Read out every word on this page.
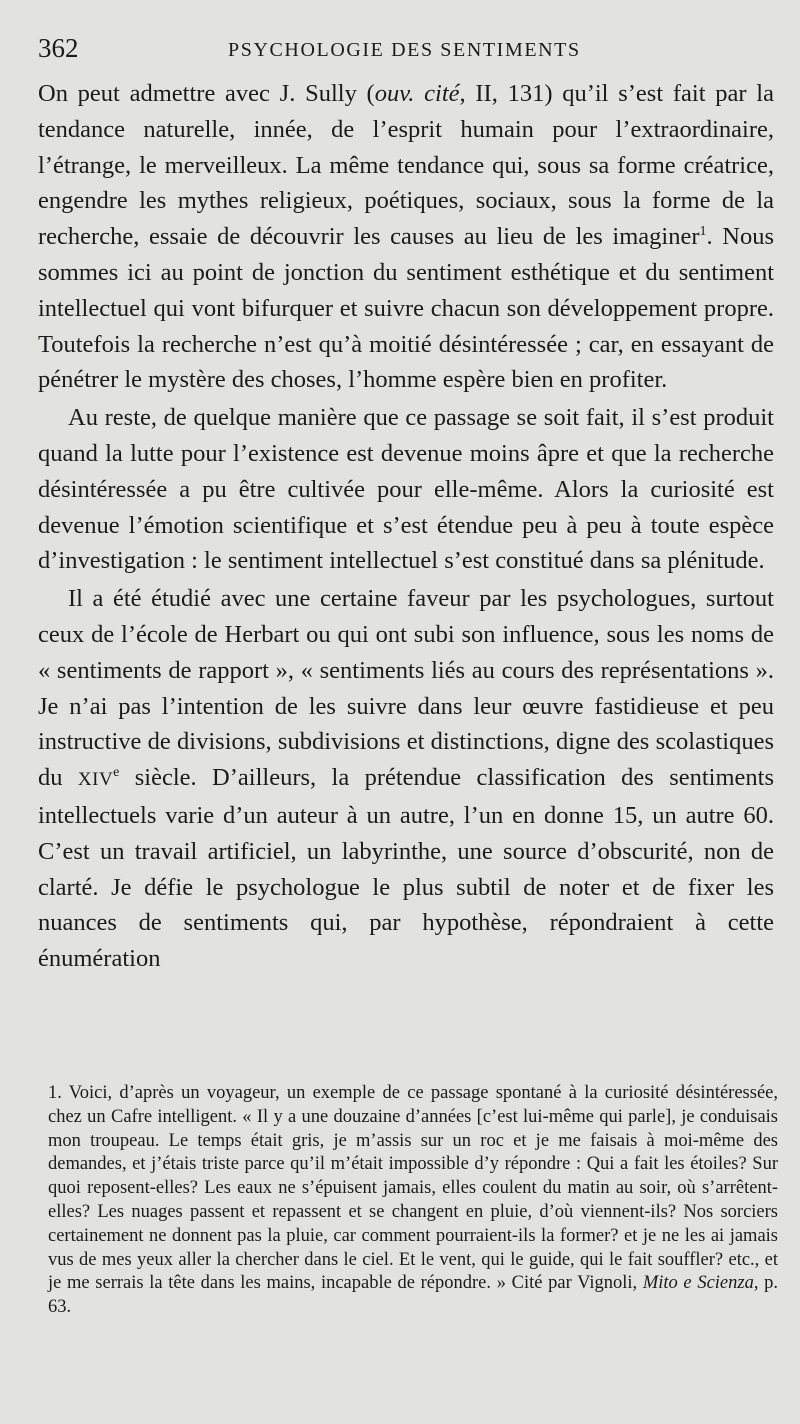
362	PSYCHOLOGIE DES SENTIMENTS

On peut admettre avec J. Sully (ouv. cité, II, 131) qu’il s’est fait par la tendance naturelle, innée, de l’esprit humain pour l’extraordinaire, l’étrange, le merveilleux. La même tendance qui, sous sa forme créatrice, engendre les mythes religieux, poétiques, sociaux, sous la forme de la recherche, essaie de découvrir les causes au lieu de les imaginer$^1$. Nous sommes ici au point de jonction du sentiment esthétique et du sentiment intellectuel qui vont bifurquer et suivre chacun son développement propre. Toutefois la recherche n’est qu’à moitié désintéressée ; car, en essayant de pénétrer le mystère des choses, l’homme espère bien en profiter.

Au reste, de quelque manière que ce passage se soit fait, il s’est produit quand la lutte pour l’existence est devenue moins âpre et que la recherche désintéressée a pu être cultivée pour elle-même. Alors la curiosité est devenue l’émotion scientifique et s’est étendue peu à peu à toute espèce d’investigation : le sentiment intellectuel s’est constitué dans sa plénitude.

Il a été étudié avec une certaine faveur par les psychologues, surtout ceux de l’école de Herbart ou qui ont subi son influence, sous les noms de « sentiments de rapport », « sentiments liés au cours des représentations ». Je n’ai pas l’intention de les suivre dans leur œuvre fastidieuse et peu instructive de divisions, subdivisions et distinctions, digne des scolastiques du XIVe siècle. D’ailleurs, la prétendue classification des sentiments intellectuels varie d’un auteur à un autre, l’un en donne 15, un autre 60. C’est un travail artificiel, un labyrinthe, une source d’obscurité, non de clarté. Je défie le psychologue le plus subtil de noter et de fixer les nuances de sentiments qui, par hypothèse, répondraient à cette énumération

1. Voici, d’après un voyageur, un exemple de ce passage spontané à la curiosité désintéressée, chez un Cafre intelligent. « Il y a une douzaine d’années [c’est lui-même qui parle], je conduisais mon troupeau. Le temps était gris, je m’assis sur un roc et je me faisais à moi-même des demandes, et j’étais triste parce qu’il m’était impossible d’y répondre : Qui a fait les étoiles? Sur quoi reposent-elles? Les eaux ne s’épuisent jamais, elles coulent du matin au soir, où s’arrêtent-elles? Les nuages passent et repassent et se changent en pluie, d’où viennent-ils? Nos sorciers certainement ne donnent pas la pluie, car comment pourraient-ils la former? et je ne les ai jamais vus de mes yeux aller la chercher dans le ciel. Et le vent, qui le guide, qui le fait souffler? etc., et je me serrais la tête dans les mains, incapable de répondre. » Cité par Vignoli, Mito e Scienza, p. 63.
